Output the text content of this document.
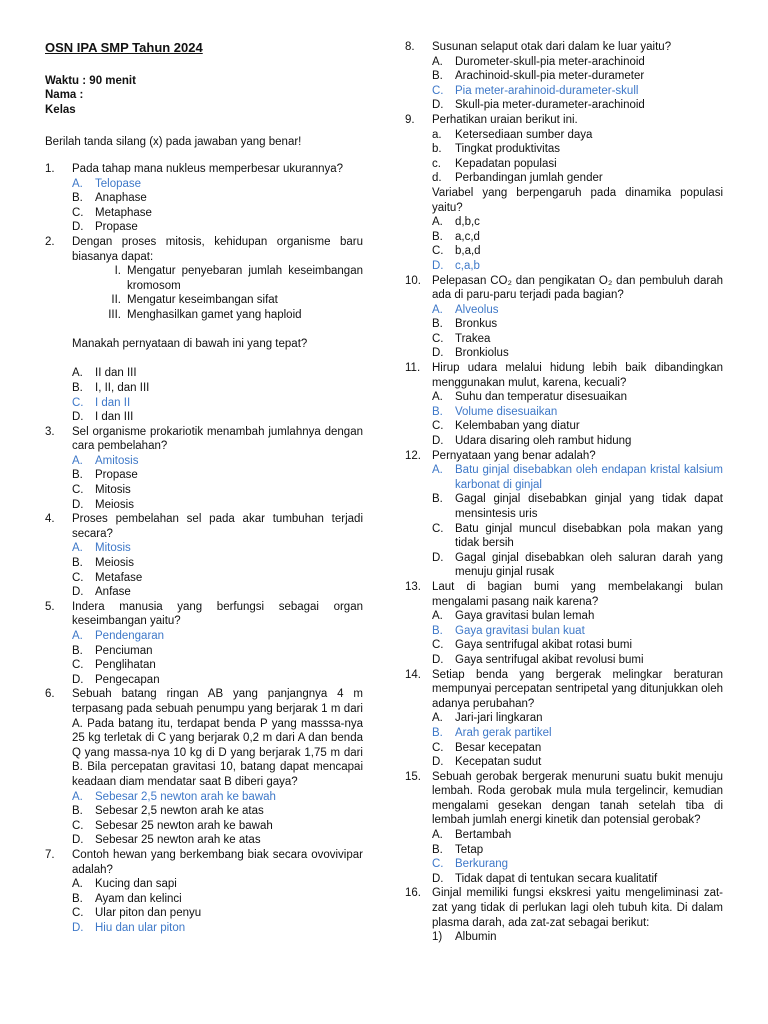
OSN IPA SMP Tahun 2024
Waktu : 90 menit
Nama :
Kelas
Berilah tanda silang (x) pada jawaban yang benar!
1. Pada tahap mana nukleus memperbesar ukurannya?
A. Telopase
B. Anaphase
C. Metaphase
D. Propase
2. Dengan proses mitosis, kehidupan organisme baru biasanya dapat:
I. Mengatur penyebaran jumlah keseimbangan kromosom
II. Mengatur keseimbangan sifat
III. Menghasilkan gamet yang haploid
Manakah pernyataan di bawah ini yang tepat?
A. II dan III
B. I, II, dan III
C. I dan II
D. I dan III
3. Sel organisme prokariotik menambah jumlahnya dengan cara pembelahan?
A. Amitosis
B. Propase
C. Mitosis
D. Meiosis
4. Proses pembelahan sel pada akar tumbuhan terjadi secara?
A. Mitosis
B. Meiosis
C. Metafase
D. Anfase
5. Indera manusia yang berfungsi sebagai organ keseimbangan yaitu?
A. Pendengaran
B. Penciuman
C. Penglihatan
D. Pengecapan
6. Sebuah batang ringan AB yang panjangnya 4 m terpasang pada sebuah penumpu yang berjarak 1 m dari A. Pada batang itu, terdapat benda P yang masssa-nya 25 kg terletak di C yang berjarak 0,2 m dari A dan benda Q yang massa-nya 10 kg di D yang berjarak 1,75 m dari B. Bila percepatan gravitasi 10, batang dapat mencapai keadaan diam mendatar saat B diberi gaya?
A. Sebesar 2,5 newton arah ke bawah
B. Sebesar 2,5 newton arah ke atas
C. Sebesar 25 newton arah ke bawah
D. Sebesar 25 newton arah ke atas
7. Contoh hewan yang berkembang biak secara ovovivipar adalah?
A. Kucing dan sapi
B. Ayam dan kelinci
C. Ular piton dan penyu
D. Hiu dan ular piton
8. Susunan selaput otak dari dalam ke luar yaitu?
A. Durometer-skull-pia meter-arachinoid
B. Arachinoid-skull-pia meter-durameter
C. Pia meter-arahinoid-durameter-skull
D. Skull-pia meter-durameter-arachinoid
9. Perhatikan uraian berikut ini.
a. Ketersediaan sumber daya
b. Tingkat produktivitas
c. Kepadatan populasi
d. Perbandingan jumlah gender
Variabel yang berpengaruh pada dinamika populasi yaitu?
A. d,b,c
B. a,c,d
C. b,a,d
D. c,a,b
10. Pelepasan CO₂ dan pengikatan O₂ dan pembuluh darah ada di paru-paru terjadi pada bagian?
A. Alveolus
B. Bronkus
C. Trakea
D. Bronkiolus
11. Hirup udara melalui hidung lebih baik dibandingkan menggunakan mulut, karena, kecuali?
A. Suhu dan temperatur disesuaikan
B. Volume disesuaikan
C. Kelembaban yang diatur
D. Udara disaring oleh rambut hidung
12. Pernyataan yang benar adalah?
A. Batu ginjal disebabkan oleh endapan kristal kalsium karbonat di ginjal
B. Gagal ginjal disebabkan ginjal yang tidak dapat mensintesis uris
C. Batu ginjal muncul disebabkan pola makan yang tidak bersih
D. Gagal ginjal disebabkan oleh saluran darah yang menuju ginjal rusak
13. Laut di bagian bumi yang membelakangi bulan mengalami pasang naik karena?
A. Gaya gravitasi bulan lemah
B. Gaya gravitasi bulan kuat
C. Gaya sentrifugal akibat rotasi bumi
D. Gaya sentrifugal akibat revolusi bumi
14. Setiap benda yang bergerak melingkar beraturan mempunyai percepatan sentripetal yang ditunjukkan oleh adanya perubahan?
A. Jari-jari lingkaran
B. Arah gerak partikel
C. Besar kecepatan
D. Kecepatan sudut
15. Sebuah gerobak bergerak menuruni suatu bukit menuju lembah. Roda gerobak mula mula tergelincir, kemudian mengalami gesekan dengan tanah setelah tiba di lembah jumlah energi kinetik dan potensial gerobak?
A. Bertambah
B. Tetap
C. Berkurang
D. Tidak dapat di tentukan secara kualitatif
16. Ginjal memiliki fungsi ekskresi yaitu mengeliminasi zat-zat yang tidak di perlukan lagi oleh tubuh kita. Di dalam plasma darah, ada zat-zat sebagai berikut:
1) Albumin
